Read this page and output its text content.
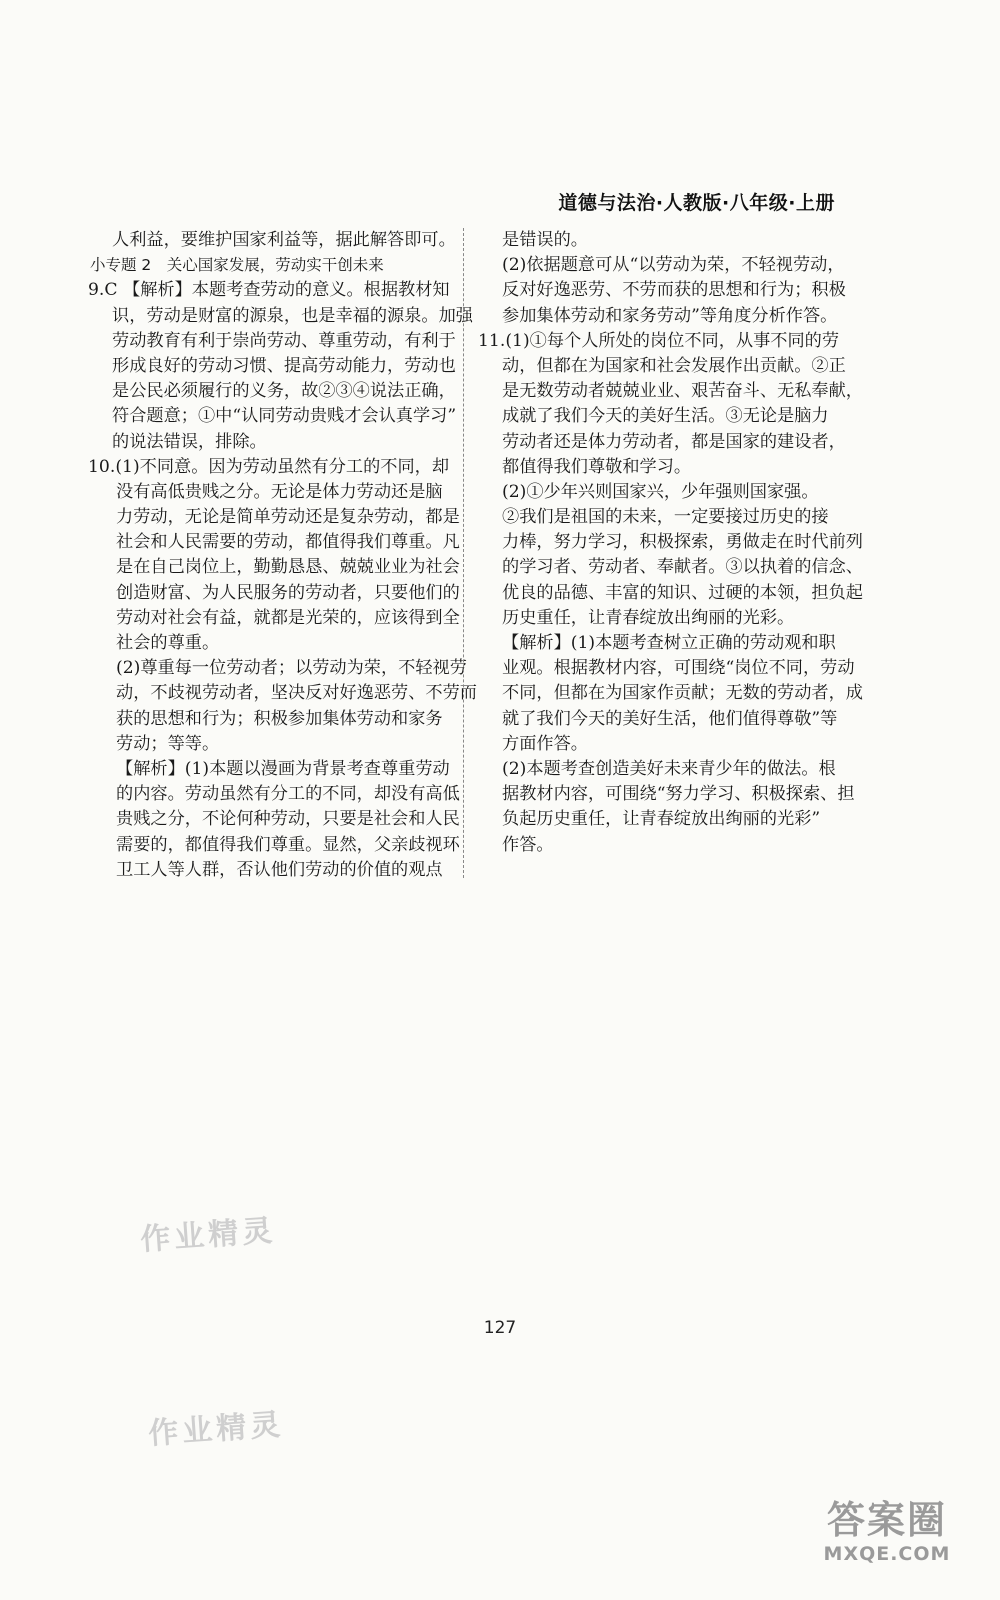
道德与法治·人教版·八年级·上册
人利益，要维护国家利益等，据此解答即可。
小专题 2　关心国家发展，劳动实干创未来
9.C 【解析】本题考查劳动的意义。根据教材知
识，劳动是财富的源泉，也是幸福的源泉。加强
劳动教育有利于崇尚劳动、尊重劳动，有利于
形成良好的劳动习惯、提高劳动能力，劳动也
是公民必须履行的义务，故②③④说法正确，
符合题意；①中“认同劳动贵贱才会认真学习”
的说法错误，排除。
10.(1)不同意。因为劳动虽然有分工的不同，却
没有高低贵贱之分。无论是体力劳动还是脑
力劳动，无论是简单劳动还是复杂劳动，都是
社会和人民需要的劳动，都值得我们尊重。凡
是在自己岗位上，勤勤恳恳、兢兢业业为社会
创造财富、为人民服务的劳动者，只要他们的
劳动对社会有益，就都是光荣的，应该得到全
社会的尊重。
(2)尊重每一位劳动者；以劳动为荣，不轻视劳
动，不歧视劳动者，坚决反对好逸恶劳、不劳而
获的思想和行为；积极参加集体劳动和家务
劳动；等等。
【解析】(1)本题以漫画为背景考查尊重劳动
的内容。劳动虽然有分工的不同，却没有高低
贵贱之分，不论何种劳动，只要是社会和人民
需要的，都值得我们尊重。显然，父亲歧视环
卫工人等人群，否认他们劳动的价值的观点
是错误的。
(2)依据题意可从“以劳动为荣，不轻视劳动，
反对好逸恶劳、不劳而获的思想和行为；积极
参加集体劳动和家务劳动”等角度分析作答。
11.(1)①每个人所处的岗位不同，从事不同的劳
动，但都在为国家和社会发展作出贡献。②正
是无数劳动者兢兢业业、艰苦奋斗、无私奉献，
成就了我们今天的美好生活。③无论是脑力
劳动者还是体力劳动者，都是国家的建设者，
都值得我们尊敬和学习。
(2)①少年兴则国家兴，少年强则国家强。
②我们是祖国的未来，一定要接过历史的接
力棒，努力学习，积极探索，勇做走在时代前列
的学习者、劳动者、奉献者。③以执着的信念、
优良的品德、丰富的知识、过硬的本领，担负起
历史重任，让青春绽放出绚丽的光彩。
【解析】(1)本题考查树立正确的劳动观和职
业观。根据教材内容，可围绕“岗位不同，劳动
不同，但都在为国家作贡献；无数的劳动者，成
就了我们今天的美好生活，他们值得尊敬”等
方面作答。
(2)本题考查创造美好未来青少年的做法。根
据教材内容，可围绕“努力学习、积极探索、担
负起历史重任，让青春绽放出绚丽的光彩”
作答。
127
作业精灵
作业精灵
答案圈
MXQE.COM
